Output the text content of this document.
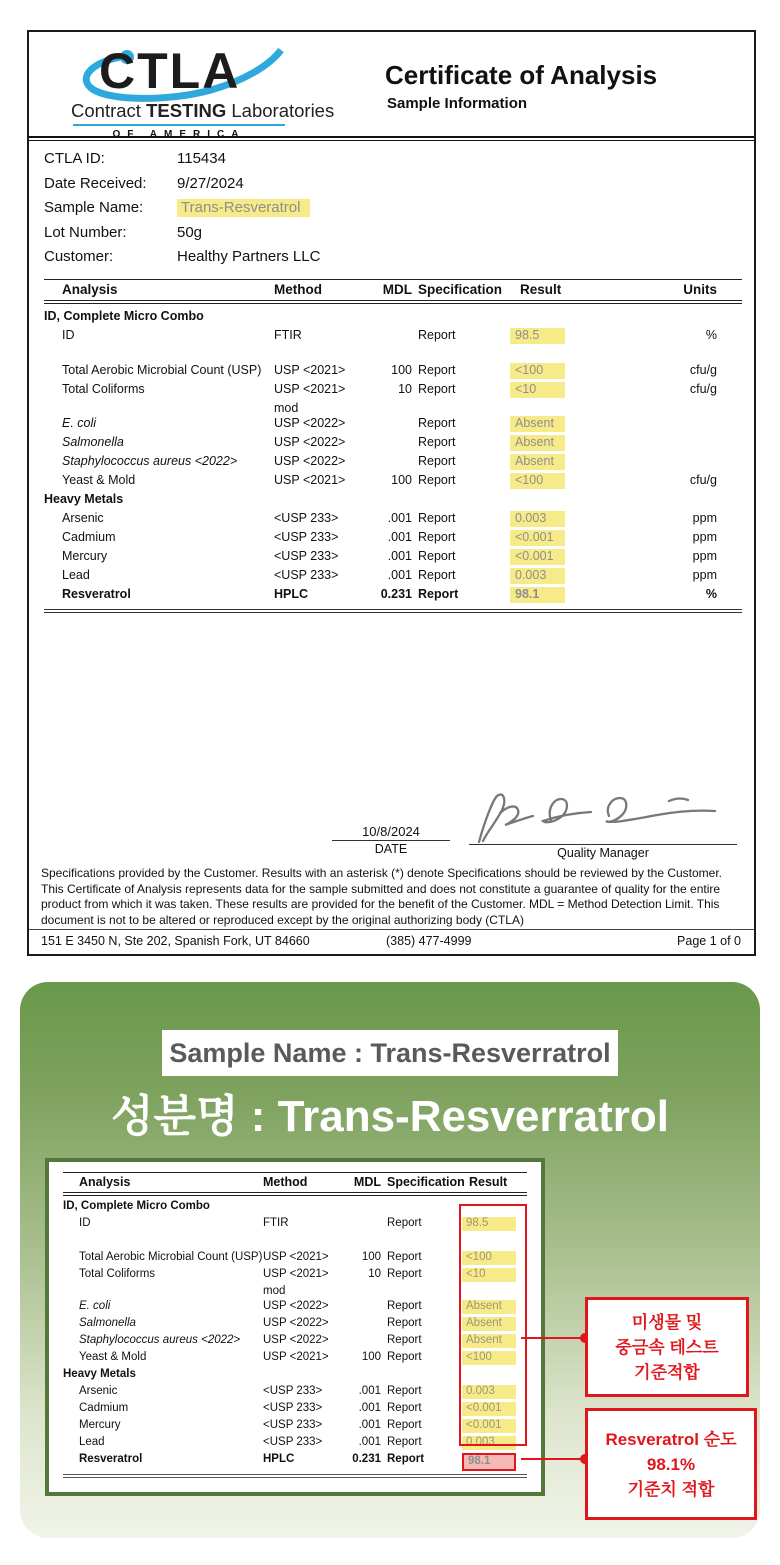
CTLA
Contract TESTING Laboratories
OF AMERICA
Certificate of Analysis
Sample Information
CTLA ID:	115434
Date Received:	9/27/2024
Sample Name:	Trans-Resveratrol
Lot Number:	50g
Customer:	Healthy Partners LLC
Analysis	Method	MDL Specification	Result	Units
ID, Complete Micro Combo
ID	FTIR	Report	98.5	%
Total Aerobic Microbial Count (USP)	USP <2021>	100 Report	<100	cfu/g
Total Coliforms	USP <2021>	10 Report	<10	cfu/g
mod
E. coli	USP <2022>	Report	Absent
Salmonella	USP <2022>	Report	Absent
Staphylococcus aureus <2022>	USP <2022>	Report	Absent
Yeast & Mold	USP <2021>	100 Report	<100	cfu/g
Heavy Metals
Arsenic	<USP 233>	.001 Report	0.003	ppm
Cadmium	<USP 233>	.001 Report	<0.001	ppm
Mercury	<USP 233>	.001 Report	<0.001	ppm
Lead	<USP 233>	.001 Report	0.003	ppm
Resveratrol	HPLC	0.231 Report	98.1	%
10/8/2024
DATE	Quality Manager
Specifications provided by the Customer. Results with an asterisk (*) denote Specifications should be reviewed by the Customer.
This Certificate of Analysis represents data for the sample submitted and does not constitute a guarantee of quality for the entire product from which it was taken. These results are provided for the benefit of the Customer. MDL = Method Detection Limit. This document is not to be altered or reproduced except by the original authorizing body (CTLA)
151 E 3450 N, Ste 202, Spanish Fork, UT 84660	(385) 477-4999	Page 1 of 0
Sample Name : Trans-Resverratrol
성분명 : Trans-Resverratrol
Analysis	Method	MDL Specification Result
ID, Complete Micro Combo
ID	FTIR	Report	98.5
Total Aerobic Microbial Count (USP) USP <2021>	100 Report	<100
Total Coliforms	USP <2021>	10 Report	<10
mod
E. coli	USP <2022>	Report	Absent
Salmonella	USP <2022>	Report	Absent
Staphylococcus aureus <2022>	USP <2022>	Report	Absent
Yeast & Mold	USP <2021>	100 Report	<100
Heavy Metals
Arsenic	<USP 233>	.001 Report	0.003
Cadmium	<USP 233>	.001 Report	<0.001
Mercury	<USP 233>	.001 Report	<0.001
Lead	<USP 233>	.001 Report	0.003
Resveratrol	HPLC	0.231 Report	98.1
미생물 및
중금속 테스트
기준적합
Resveratrol 순도
98.1%
기준치 적합
